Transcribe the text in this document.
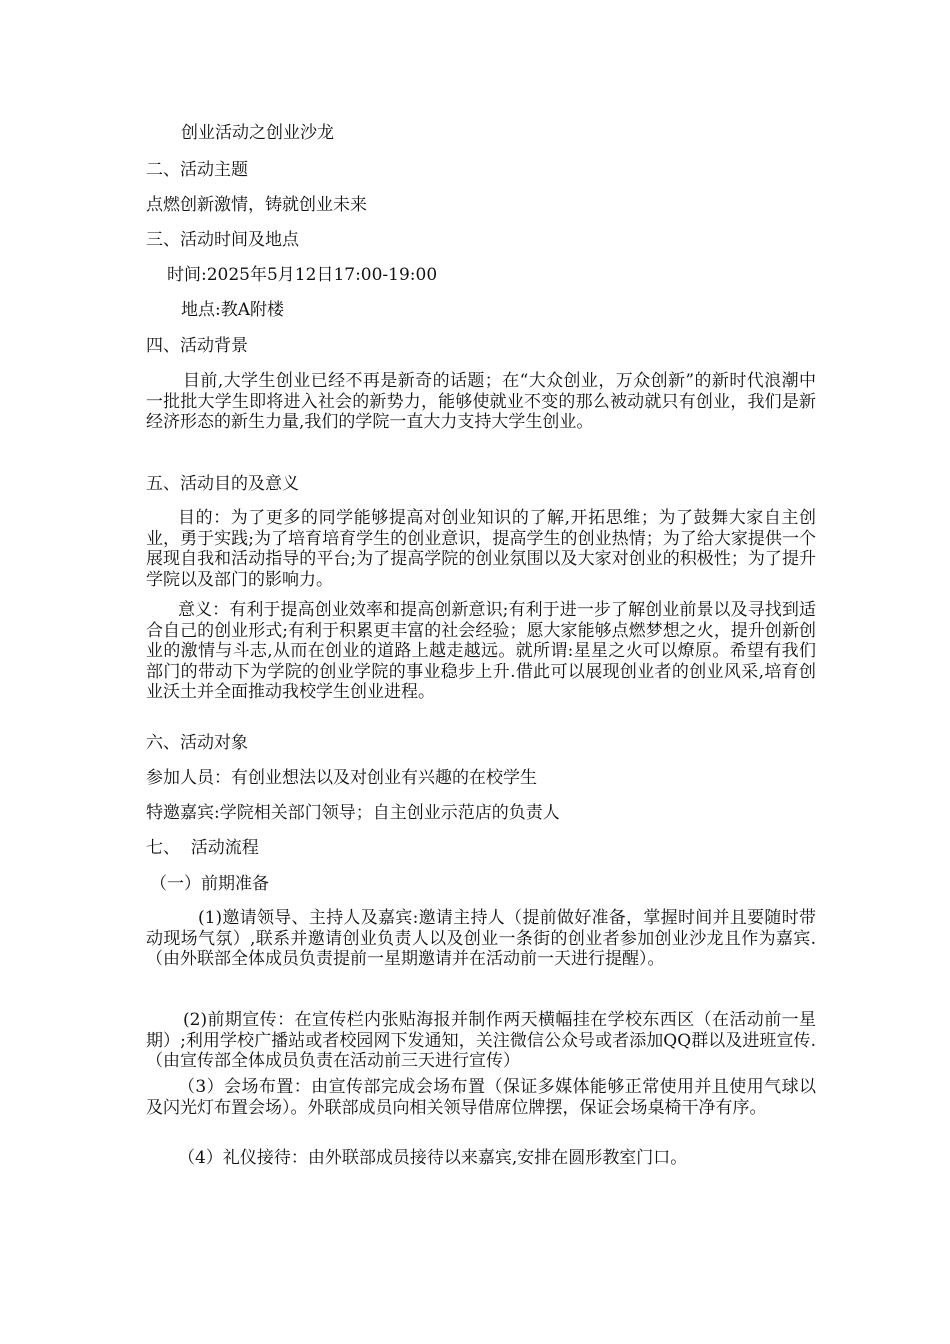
创业活动之创业沙龙
二、活动主题
点燃创新激情，铸就创业未来
三、活动时间及地点
时间:2025年5月12日17:00-19:00
地点:教A附楼
四、活动背景
目前,大学生创业已经不再是新奇的话题；在“大众创业，万众创新”的新时代浪潮中一批批大学生即将进入社会的新势力，能够使就业不变的那么被动就只有创业，我们是新经济形态的新生力量,我们的学院一直大力支持大学生创业。
五、活动目的及意义
目的：为了更多的同学能够提高对创业知识的了解,开拓思维；为了鼓舞大家自主创业，勇于实践;为了培育培育学生的创业意识，提高学生的创业热情；为了给大家提供一个展现自我和活动指导的平台;为了提高学院的创业氛围以及大家对创业的积极性；为了提升学院以及部门的影响力。
意义：有利于提高创业效率和提高创新意识;有利于进一步了解创业前景以及寻找到适合自己的创业形式;有利于积累更丰富的社会经验；愿大家能够点燃梦想之火，提升创新创业的激情与斗志,从而在创业的道路上越走越远。就所谓:星星之火可以燎原。希望有我们部门的带动下为学院的创业学院的事业稳步上升.借此可以展现创业者的创业风采,培育创业沃土并全面推动我校学生创业进程。
六、活动对象
参加人员：有创业想法以及对创业有兴趣的在校学生
特邀嘉宾:学院相关部门领导；自主创业示范店的负责人
七、  活动流程
（一）前期准备
(1)邀请领导、主持人及嘉宾:邀请主持人（提前做好准备，掌握时间并且要随时带动现场气氛）,联系并邀请创业负责人以及创业一条街的创业者参加创业沙龙且作为嘉宾.（由外联部全体成员负责提前一星期邀请并在活动前一天进行提醒）。
(2)前期宣传：在宣传栏内张贴海报并制作两天横幅挂在学校东西区（在活动前一星期）;利用学校广播站或者校园网下发通知，关注微信公众号或者添加QQ群以及进班宣传.（由宣传部全体成员负责在活动前三天进行宣传）
（3）会场布置：由宣传部完成会场布置（保证多媒体能够正常使用并且使用气球以及闪光灯布置会场）。外联部成员向相关领导借席位牌摆，保证会场桌椅干净有序。
（4）礼仪接待：由外联部成员接待以来嘉宾,安排在圆形教室门口。
